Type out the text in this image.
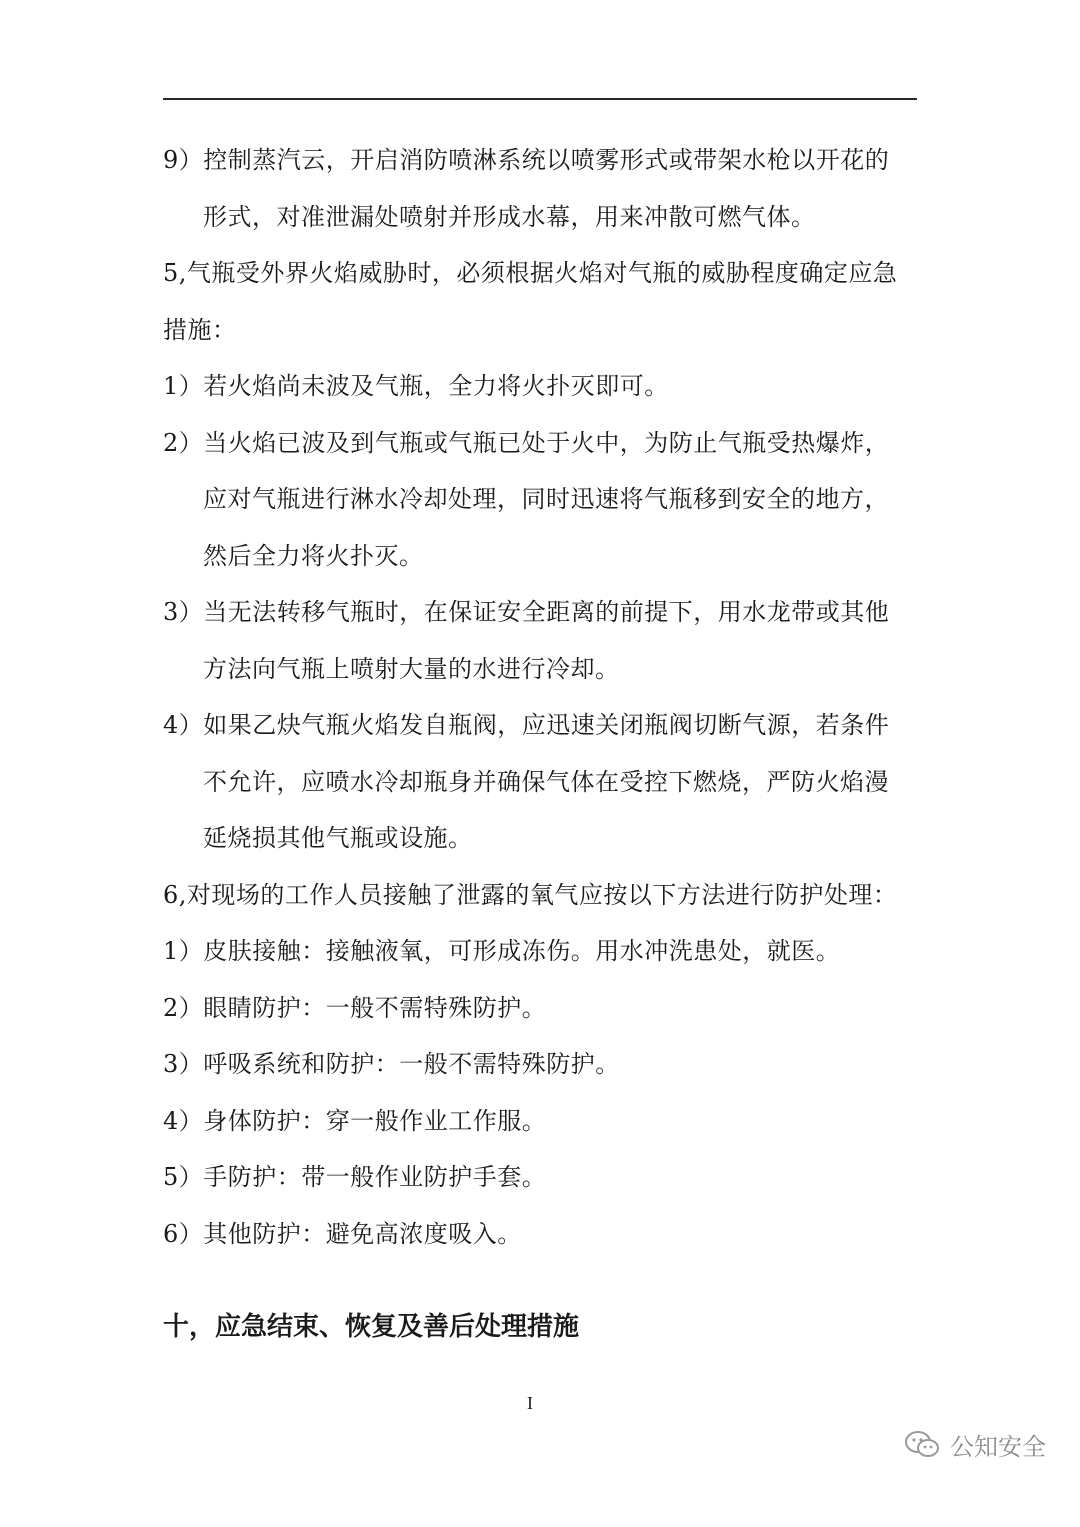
9）控制蒸汽云，开启消防喷淋系统以喷雾形式或带架水枪以开花的
形式，对准泄漏处喷射并形成水幕，用来冲散可燃气体。
5,气瓶受外界火焰威胁时，必须根据火焰对气瓶的威胁程度确定应急
措施：
1）若火焰尚未波及气瓶，全力将火扑灭即可。
2）当火焰已波及到气瓶或气瓶已处于火中，为防止气瓶受热爆炸，
应对气瓶进行淋水冷却处理，同时迅速将气瓶移到安全的地方，
然后全力将火扑灭。
3）当无法转移气瓶时，在保证安全距离的前提下，用水龙带或其他
方法向气瓶上喷射大量的水进行冷却。
4）如果乙炔气瓶火焰发自瓶阀，应迅速关闭瓶阀切断气源，若条件
不允许，应喷水冷却瓶身并确保气体在受控下燃烧，严防火焰漫
延烧损其他气瓶或设施。
6,对现场的工作人员接触了泄露的氧气应按以下方法进行防护处理：
1）皮肤接触：接触液氧，可形成冻伤。用水冲洗患处，就医。
2）眼睛防护：一般不需特殊防护。
3）呼吸系统和防护：一般不需特殊防护。
4）身体防护：穿一般作业工作服。
5）手防护：带一般作业防护手套。
6）其他防护：避免高浓度吸入。
十，应急结束、恢复及善后处理措施
I
公知安全
